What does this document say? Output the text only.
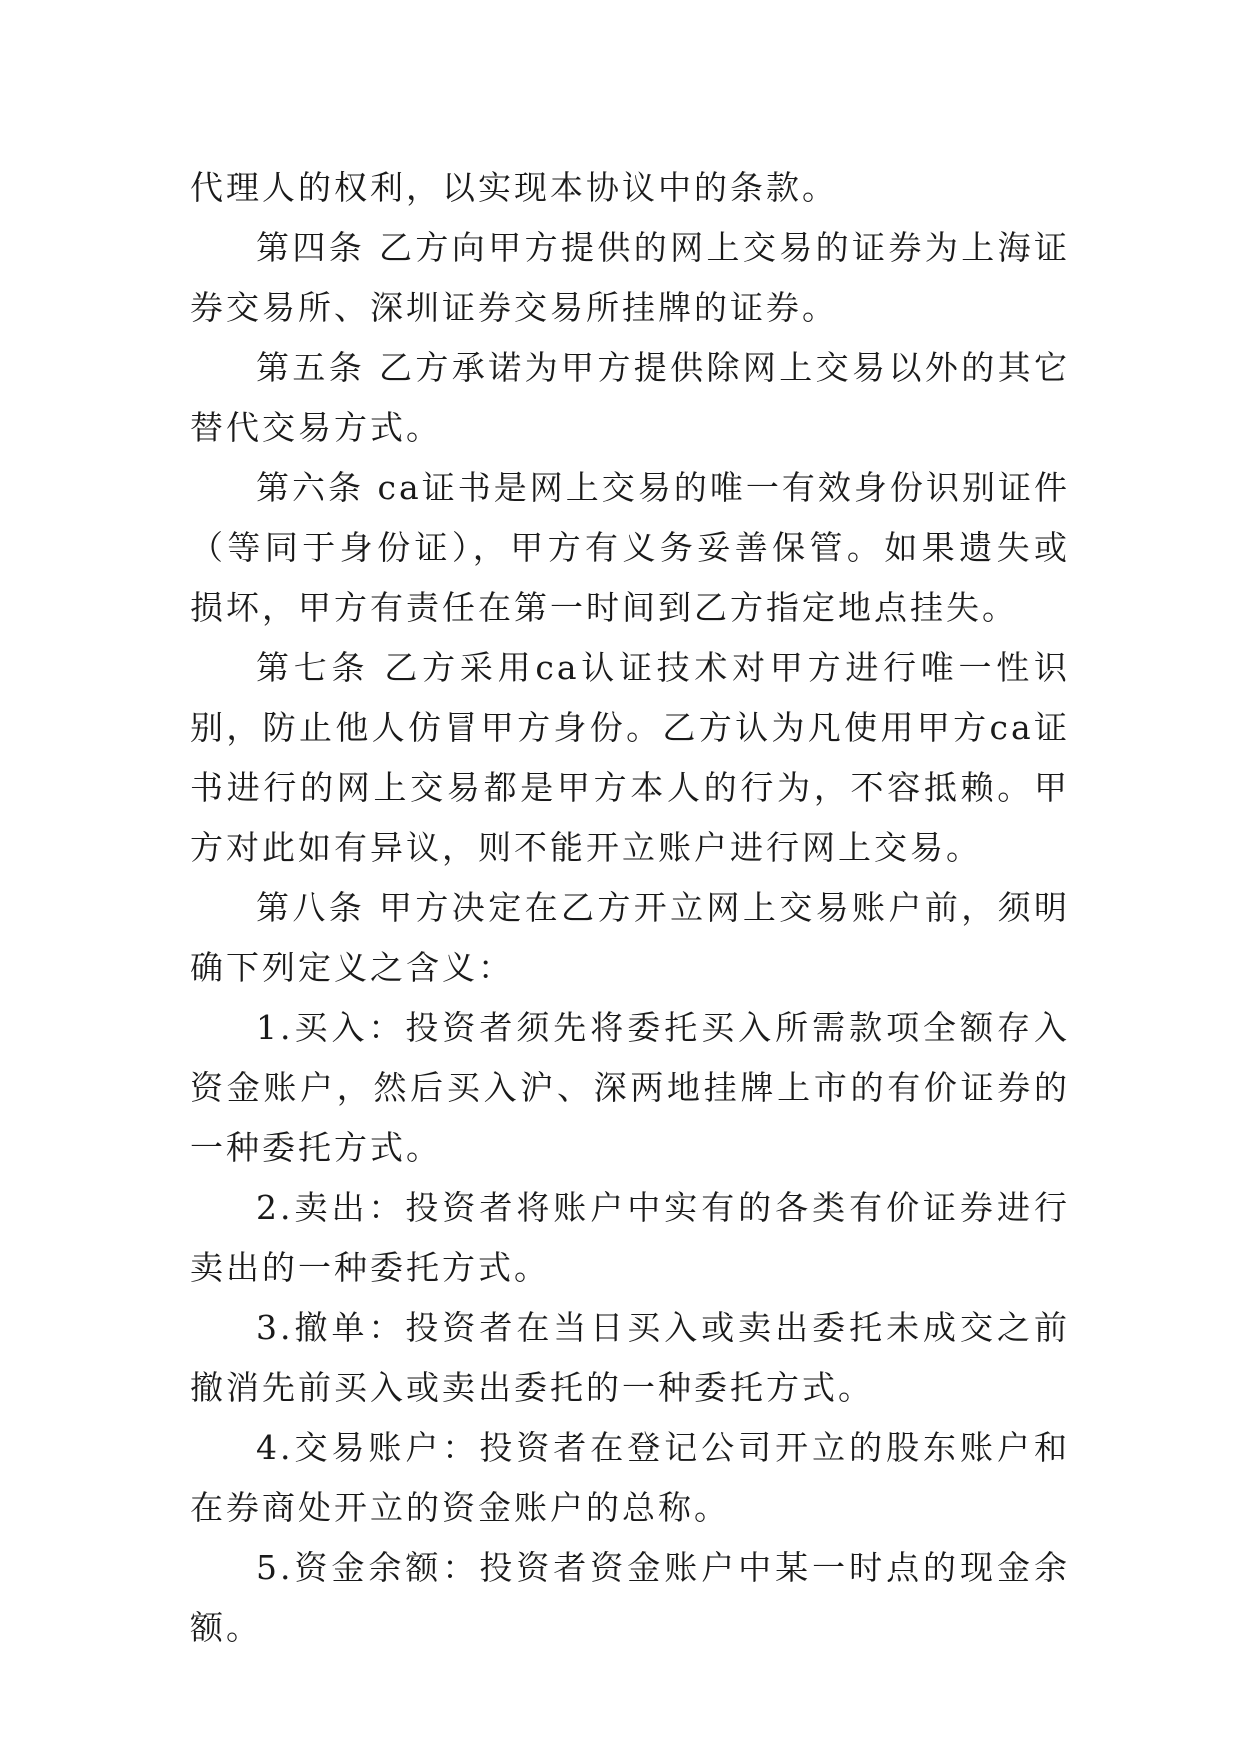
代理人的权利，以实现本协议中的条款。

第四条 乙方向甲方提供的网上交易的证券为上海证券交易所、深圳证券交易所挂牌的证券。

第五条 乙方承诺为甲方提供除网上交易以外的其它替代交易方式。

第六条 ca证书是网上交易的唯一有效身份识别证件（等同于身份证），甲方有义务妥善保管。如果遗失或损坏，甲方有责任在第一时间到乙方指定地点挂失。

第七条 乙方采用ca认证技术对甲方进行唯一性识别，防止他人仿冒甲方身份。乙方认为凡使用甲方ca证书进行的网上交易都是甲方本人的行为，不容抵赖。甲方对此如有异议，则不能开立账户进行网上交易。

第八条 甲方决定在乙方开立网上交易账户前，须明确下列定义之含义：

1.买入：投资者须先将委托买入所需款项全额存入资金账户，然后买入沪、深两地挂牌上市的有价证券的一种委托方式。

2.卖出：投资者将账户中实有的各类有价证券进行卖出的一种委托方式。

3.撤单：投资者在当日买入或卖出委托未成交之前撤消先前买入或卖出委托的一种委托方式。

4.交易账户：投资者在登记公司开立的股东账户和在券商处开立的资金账户的总称。

5.资金余额：投资者资金账户中某一时点的现金余额。
